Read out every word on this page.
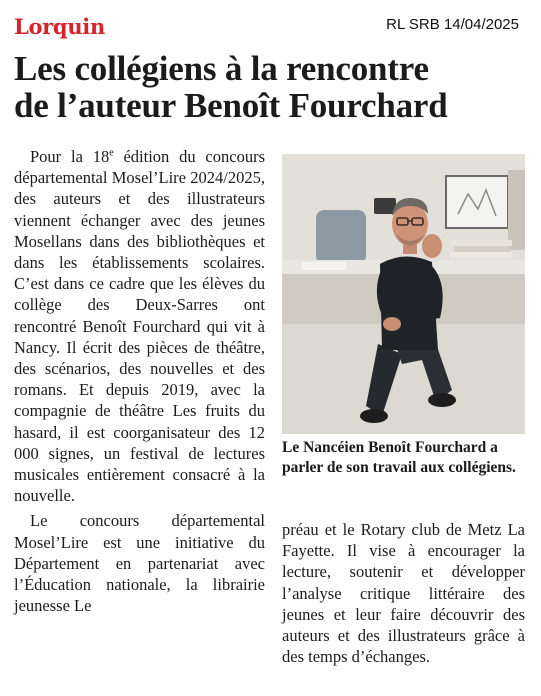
Lorquin	RL SRB 14/04/2025
Les collégiens à la rencontre
de l’auteur Benoît Fourchard

Pour la 18e édition du concours départemental Mosel’Lire 2024/2025, des auteurs et des illustrateurs viennent échanger avec des jeunes Mosellans dans des bibliothèques et dans les établissements scolaires. C’est dans ce cadre que les élèves du collège des Deux-Sarres ont rencontré Benoît Fourchard qui vit à Nancy. Il écrit des pièces de théâtre, des scénarios, des nouvelles et des romans. Et depuis 2019, avec la compagnie de théâtre Les fruits du hasard, il est coorganisateur des 12 000 signes, un festival de lectures musicales entièrement consacré à la nouvelle.

Le concours départemental Mosel’Lire est une initiative du Département en partenariat avec l’Éducation nationale, la librairie jeunesse Le

Le Nancéien Benoît Fourchard a parler de son travail aux collégiens.

préau et le Rotary club de Metz La Fayette. Il vise à encourager la lecture, soutenir et développer l’analyse critique littéraire des jeunes et leur faire découvrir des auteurs et des illustrateurs grâce à des temps d’échanges.
